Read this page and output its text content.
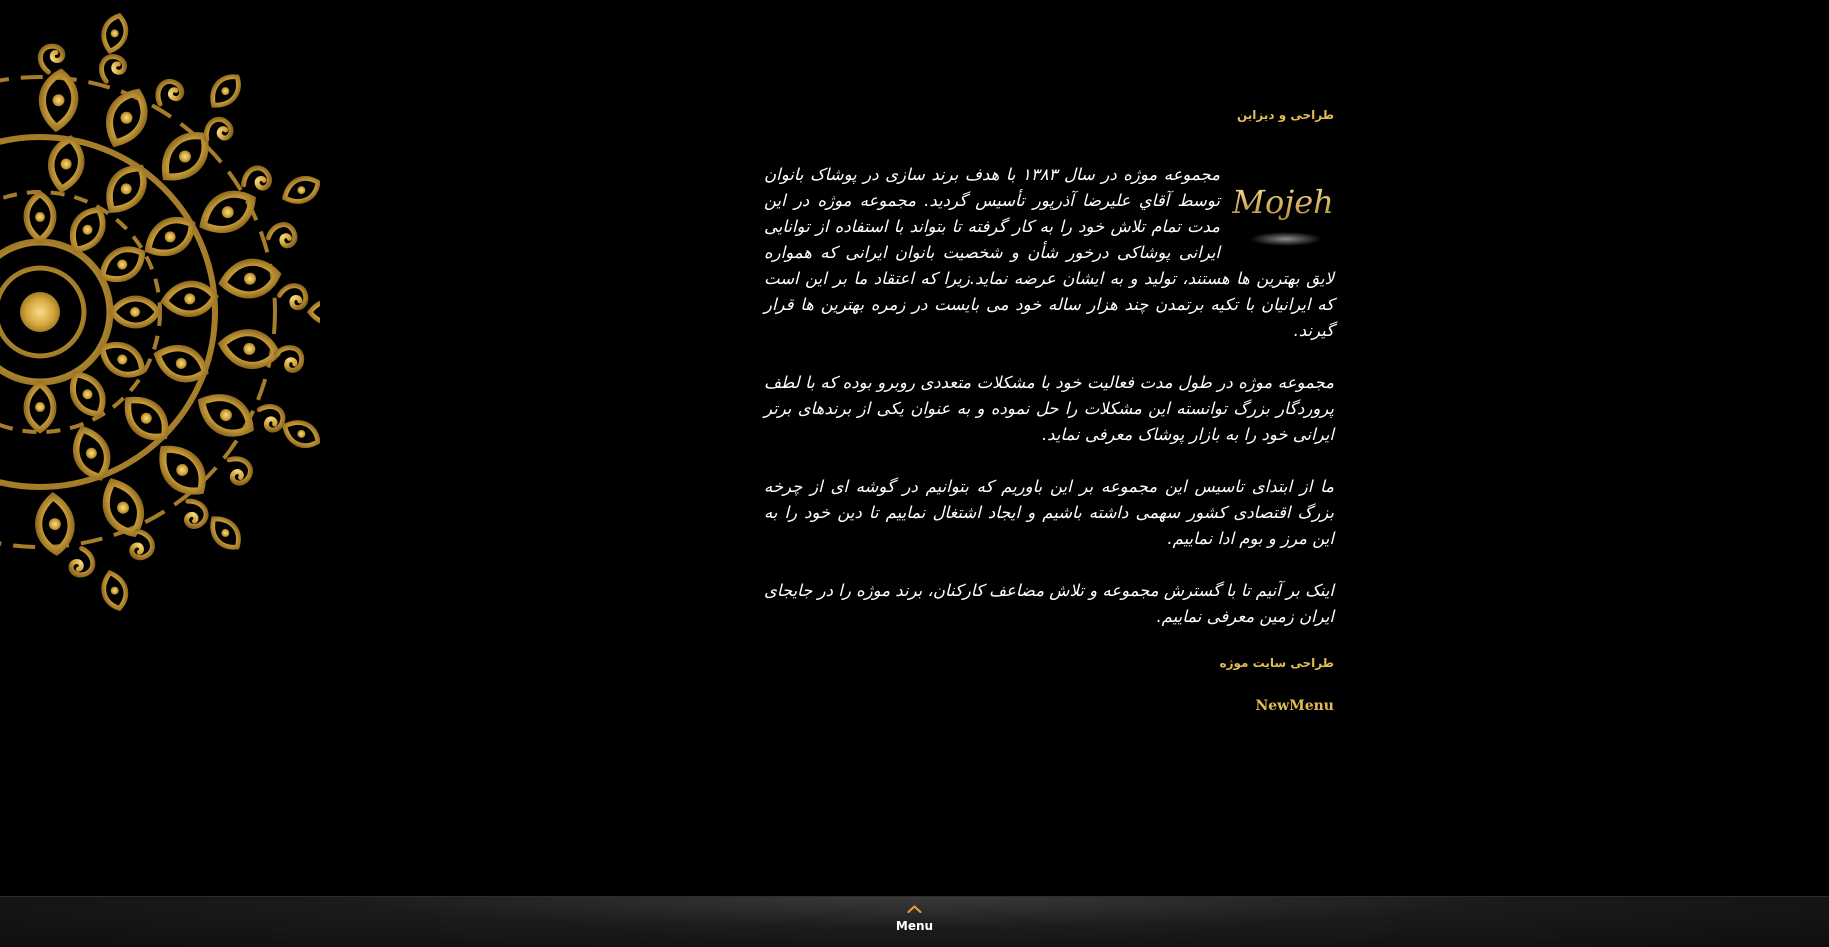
طراحی و دیزاین
Mojeh

مجموعه موژه در سال ۱۳۸۳ با هدف برند سازی در پوشاک بانوان توسط آقاي عليرضا آذرپور تأسيس گرديد. مجموعه موژه در این مدت تمام تلاش خود را به کار گرفته تا بتواند با استفاده از توانایی ایرانی پوشاکی درخور شأن و شخصیت بانوان ایرانی که همواره لایق بهترین ها هستند، تولید و به ایشان عرضه نماید.زیرا که اعتقاد ما بر این است که ایرانیان با تکیه برتمدن چند هزار ساله خود می بایست در زمره بهترین ها قرار گیرند.

مجموعه موژه در طول مدت فعالیت خود با مشکلات متعددی روبرو بوده که با لطف پروردگار بزرگ توانسته این مشکلات را حل نموده و به عنوان یکی از برندهای برتر ایرانی خود را به بازار پوشاک معرفی نماید.

ما از ابتدای تاسیس این مجموعه بر این باوریم که بتوانیم در گوشه ای از چرخه بزرگ اقتصادی کشور سهمی داشته باشیم و ایجاد اشتغال نماییم تا دین خود را به این مرز و بوم ادا نماییم.

اینک بر آنیم تا با گسترش مجموعه و تلاش مضاعف کارکنان، برند موژه را در جایجای ایران زمین معرفی نماییم.

طراحی سایت موژه
NewMenu
Menu
